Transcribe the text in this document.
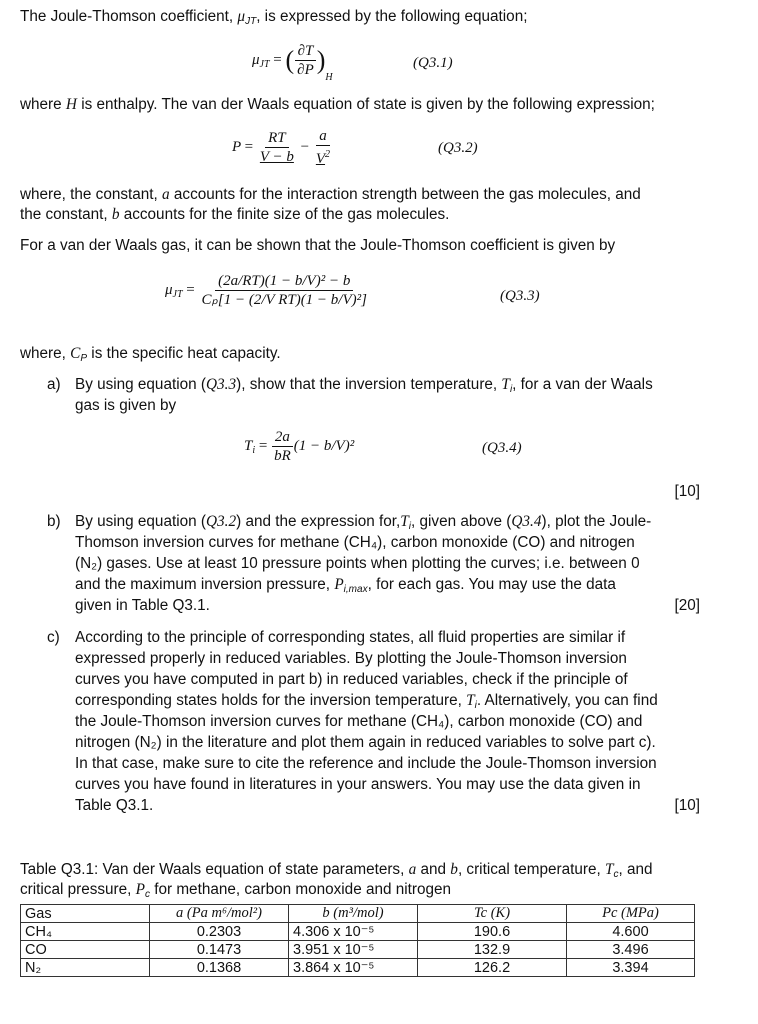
The Joule-Thomson coefficient, $\mu_{JT}$, is expressed by the following equation;
$\mu_{JT}$ = ( $\frac{\partial T}{\partial P} )_H$
(Q3.1)
where H is enthalpy. The van der Waals equation of state is given by the following expression;
$P = \frac{RT}{V - b} - \frac{a}{V^2}$	(Q3.2)
where, the constant, a accounts for the interaction strength between the gas molecules, and
the constant, b accounts for the finite size of the gas molecules.
For a van der Waals gas, it can be shown that the Joule-Thomson coefficient is given by
$\mu_{JT} = \frac{\text{(2a/RT)(1 − b/V)² − b}}{\text{Cₚ[1 − (2/V RT)(1 − b/V)²]}}$	(Q3.3)
where, $C_P$ is the specific heat capacity.
a) By using equation (Q3.3), show that the inversion temperature, $T_i$, for a van der Waals
gas is given by
$T_i = \frac{2a}{bR} (1 - b/V)^2$	(Q3.4)
[10]
b) By using equation (Q3.2) and the expression $for,T_i$, given above (Q3.4), plot the Joule-
Thomson inversion curves for methane (CH₄), carbon monoxide (CO) and nitrogen
(N₂) gases. Use at least 10 pressure points when plotting the curves; i.e. between 0
and the maximum inversion pressure, $P_{i,max}$, for each gas. You may use the data
given in Table Q3.1.	[20]
c) According to the principle of corresponding states, all fluid properties are similar if
expressed properly in reduced variables. By plotting the Joule-Thomson inversion
curves you have computed in part b) in reduced variables, check if the principle of
corresponding states holds for the inversion temperature, $T_i$. Alternatively, you can find
the Joule-Thomson inversion curves for methane (CH₄), carbon monoxide (CO) and
nitrogen (N₂) in the literature and plot them again in reduced variables to solve part c).
In that case, make sure to cite the reference and include the Joule-Thomson inversion
curves you have found in literatures in your answers. You may use the data given in
Table Q3.1.	[10]
Table Q3.1: Van der Waals equation of state parameters, a and b, critical temperature, $T_c$, and
critical pressure, $P_c$ for methane, carbon monoxide and nitrogen
Gas	a (Pa m⁶/mol²)	b (m³/mol)	Tc (K)	Pc (MPa)
CH₄	0.2303	4.306 x 10⁻⁵	190.6	4.600
CO	0.1473	3.951 x 10⁻⁵	132.9	3.496
N₂	0.1368	3.864 x 10⁻⁵	126.2	3.394
